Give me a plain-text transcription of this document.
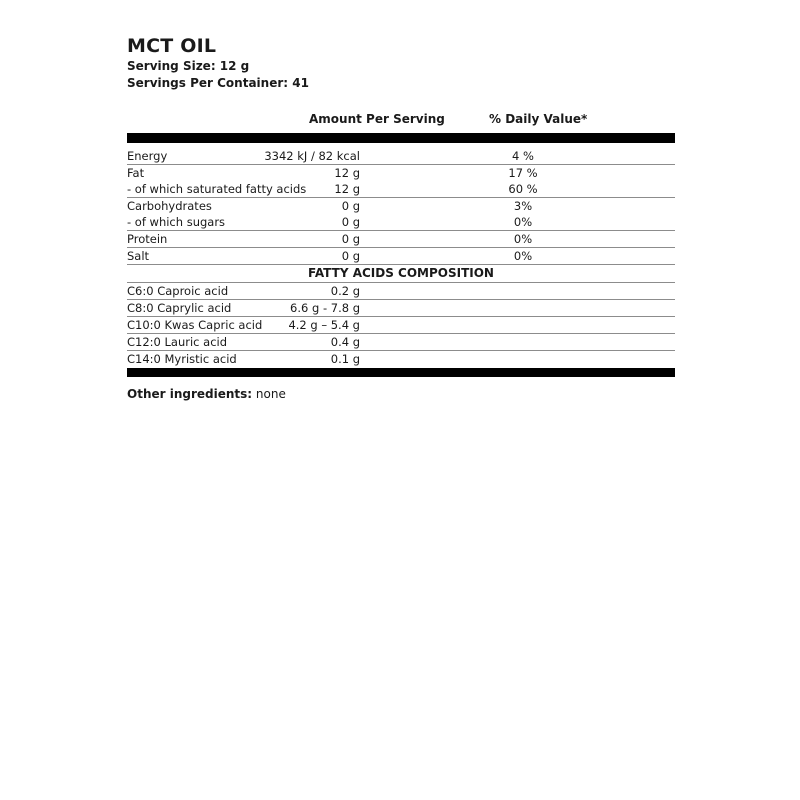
MCT OIL

Serving Size: 12 g

Servings Per Container: 41

Amount Per Serving	% Daily Value*
Energy	3342 kJ / 82 kcal	4 %
Fat	12 g	17 %
- of which saturated fatty acids 12 g	60 %
Carbohydrates	0 g	3%
- of which sugars	0 g	0%
Protein	0 g	0%
Salt	0 g	0%
FATTY ACIDS COMPOSITION
C6:0 Caproic acid	0.2 g
C8:0 Caprylic acid	6.6 g - 7.8 g
C10:0 Kwas Capric acid 4.2 g – 5.4 g
C12:0 Lauric acid	0.4 g
C14:0 Myristic acid	0.1 g

Other ingredients: none
